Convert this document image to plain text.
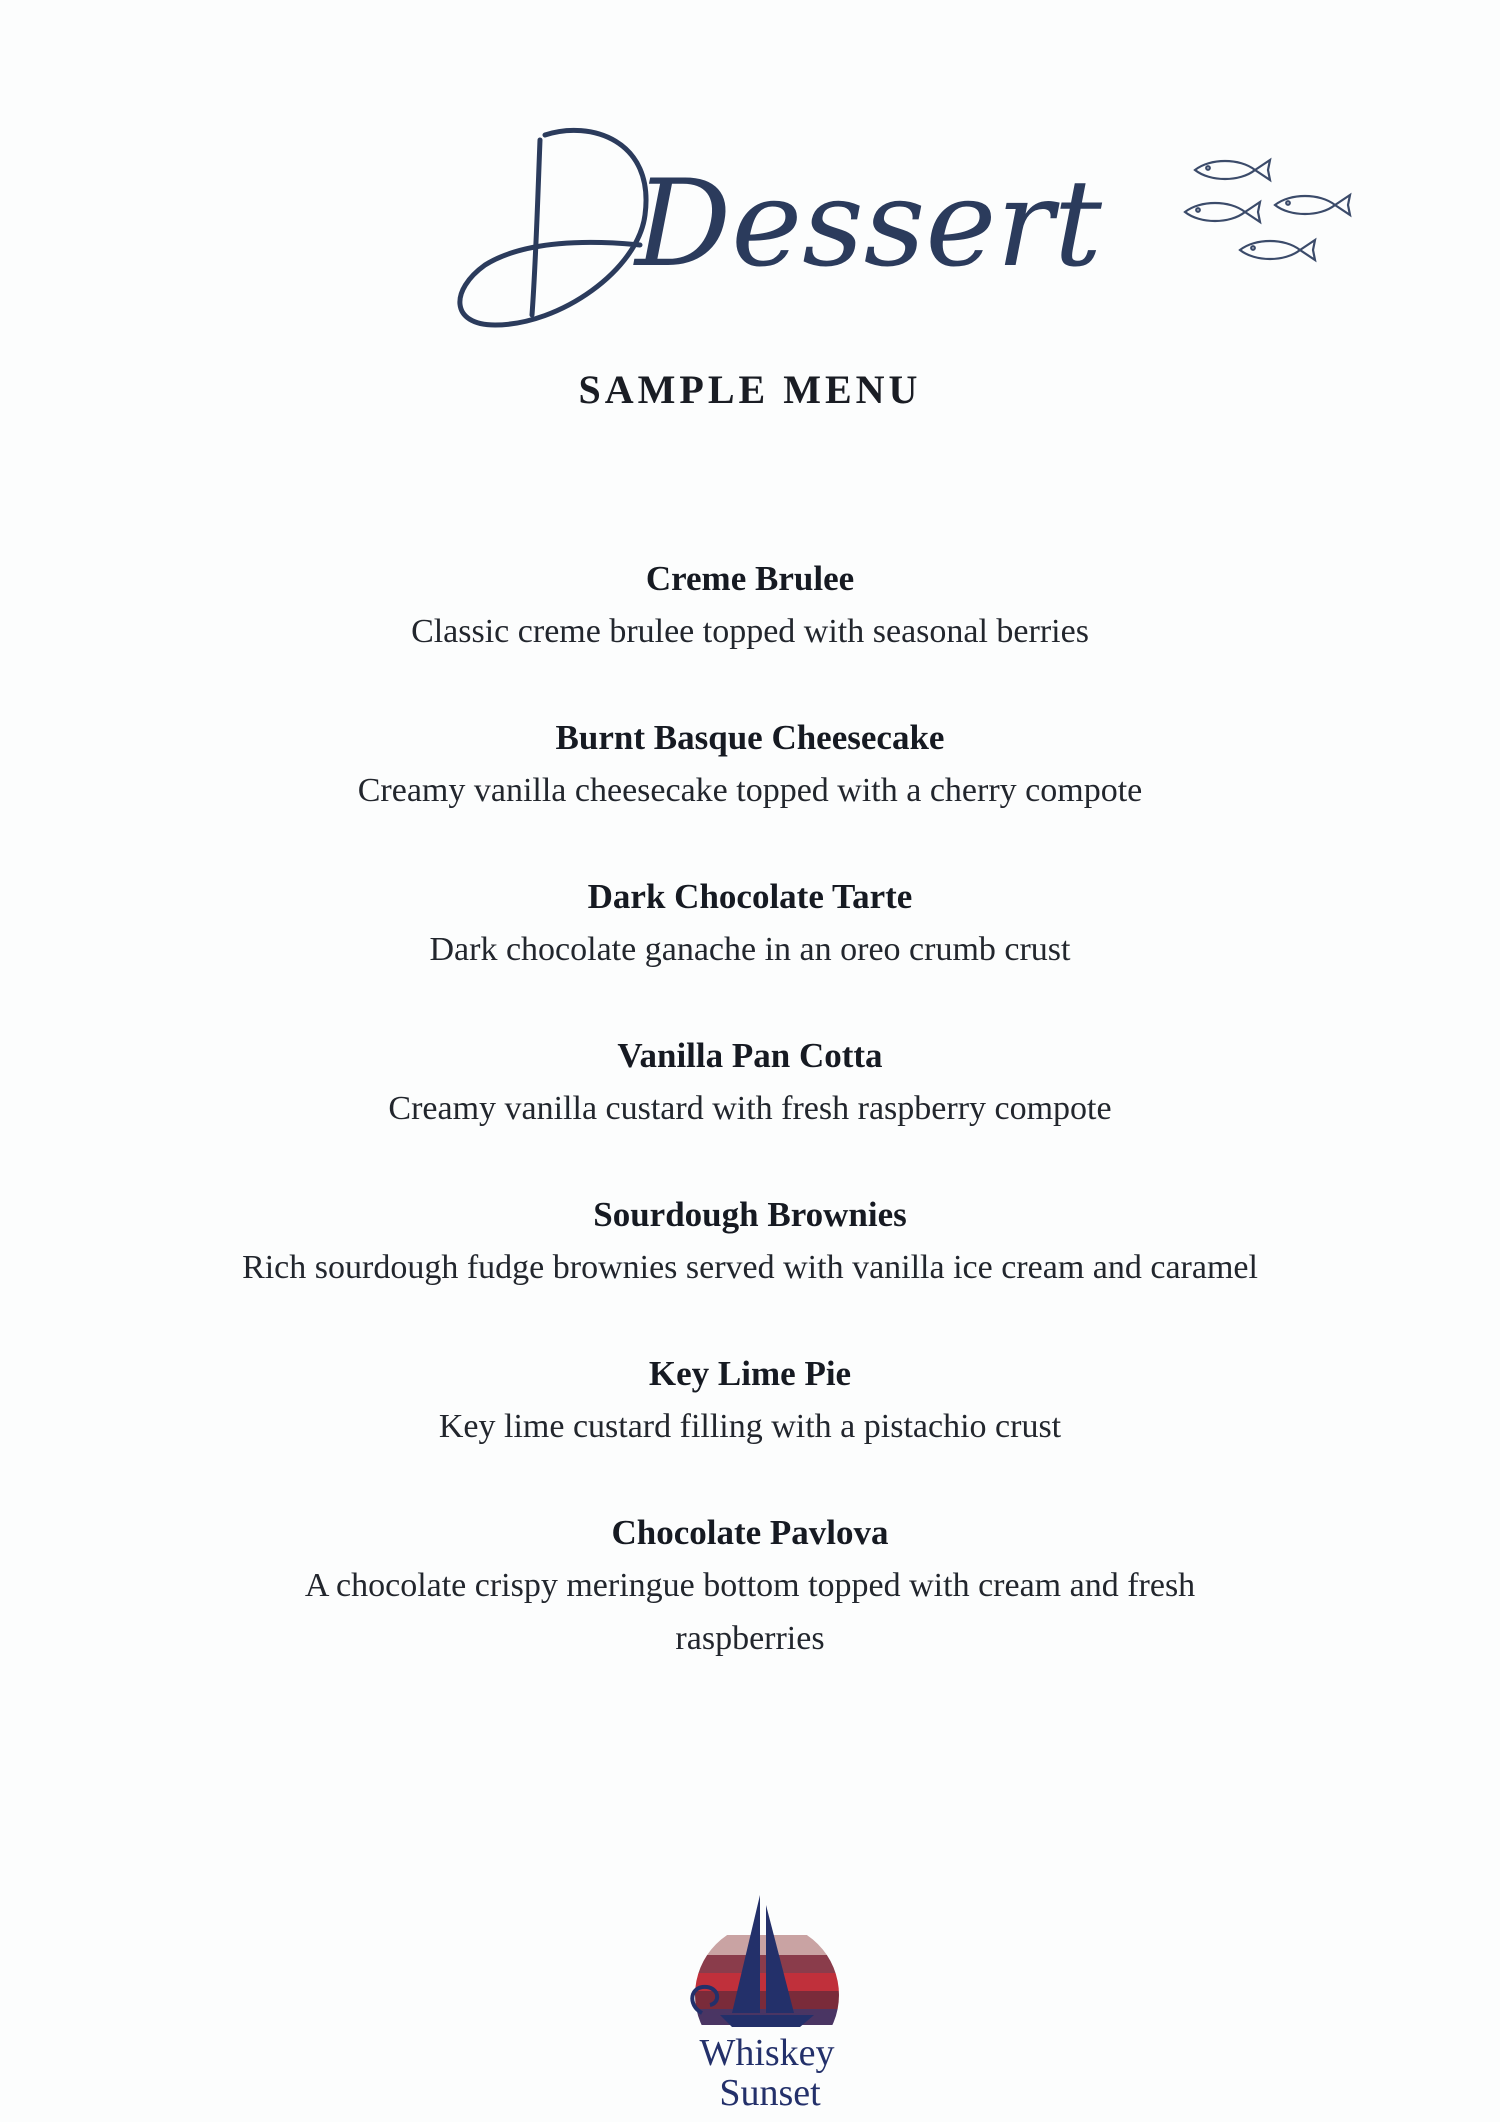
Dessert
SAMPLE MENU
Creme Brulee
Classic creme brulee topped with seasonal berries
Burnt Basque Cheesecake
Creamy vanilla cheesecake topped with a cherry compote
Dark Chocolate Tarte
Dark chocolate ganache in an oreo crumb crust
Vanilla Pan Cotta
Creamy vanilla custard with fresh raspberry compote
Sourdough Brownies
Rich sourdough fudge brownies served with vanilla ice cream and caramel
Key Lime Pie
Key lime custard filling with a pistachio crust
Chocolate Pavlova
A chocolate crispy meringue bottom topped with cream and fresh raspberries
Whiskey
Sunset
